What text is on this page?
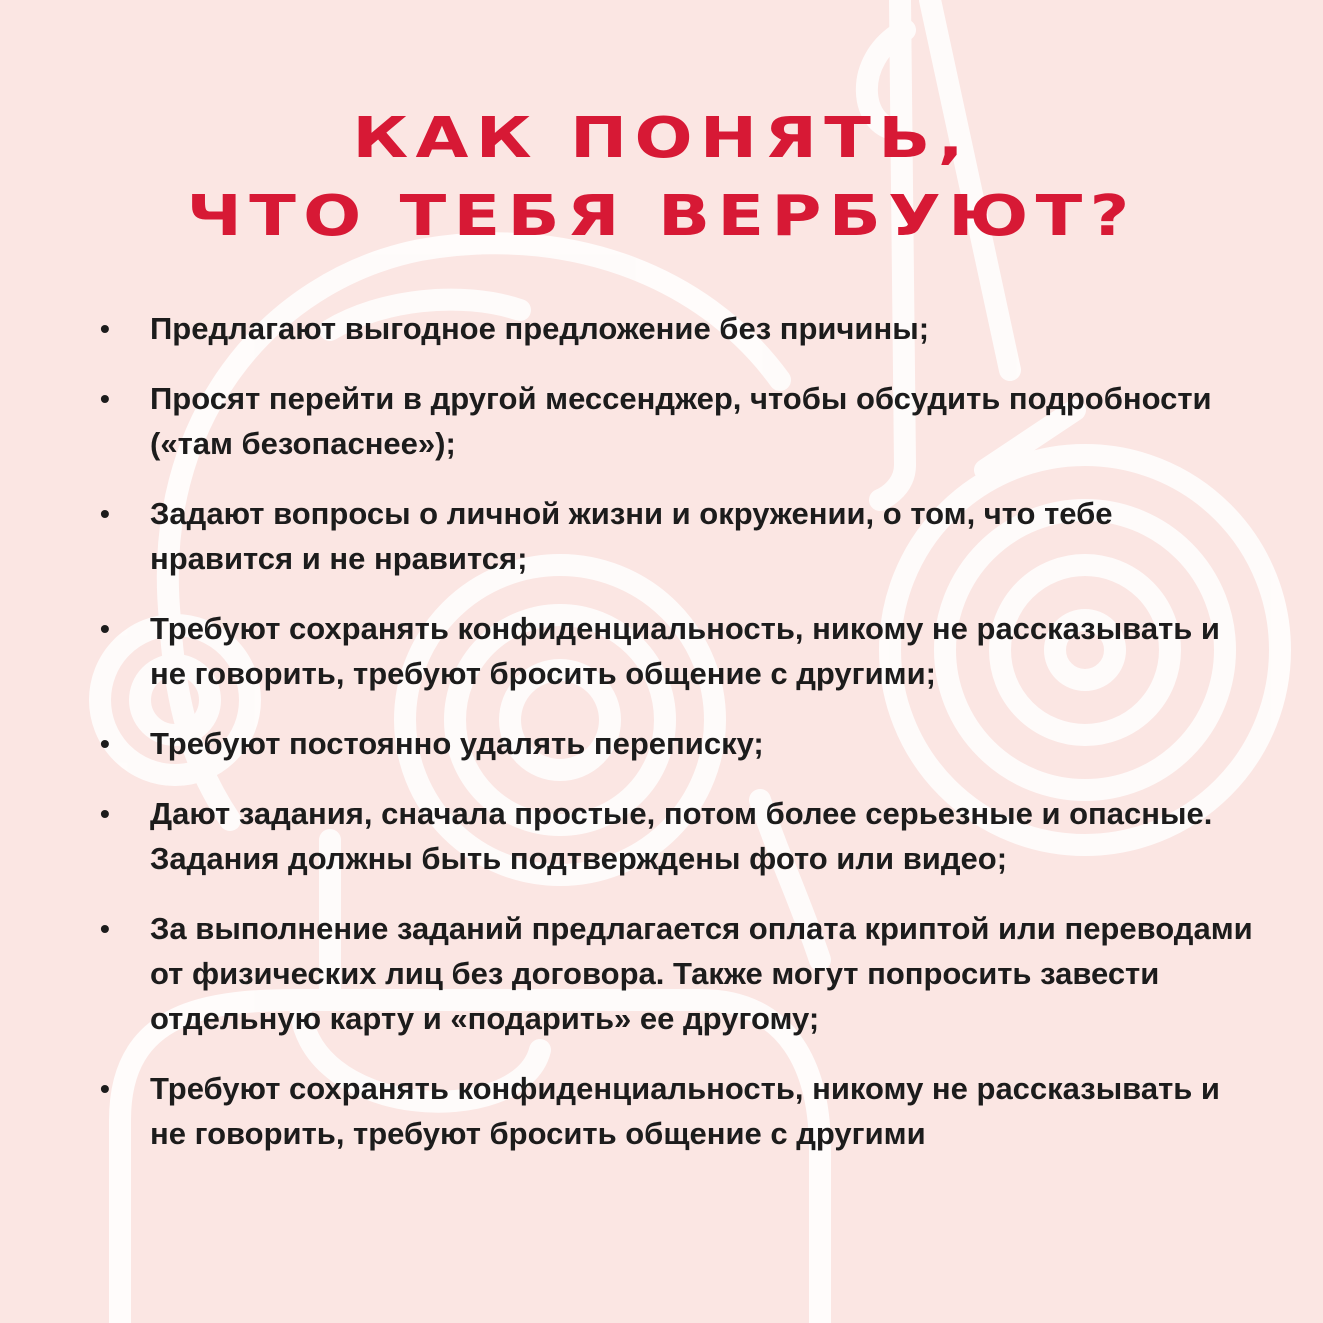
КАК ПОНЯТЬ,
ЧТО ТЕБЯ ВЕРБУЮТ?
• Предлагают выгодное предложение без причины;
• Просят перейти в другой мессенджер, чтобы обсудить подробности («там безопаснее»);
• Задают вопросы о личной жизни и окружении, о том, что тебе нравится и не нравится;
• Требуют сохранять конфиденциальность, никому не рассказывать и не говорить, требуют бросить общение с другими;
• Требуют постоянно удалять переписку;
• Дают задания, сначала простые, потом более серьезные и опасные. Задания должны быть подтверждены фото или видео;
• За выполнение заданий предлагается оплата криптой или переводами от физических лиц без договора. Также могут попросить завести отдельную карту и «подарить» ее другому;
• Требуют сохранять конфиденциальность, никому не рассказывать и не говорить, требуют бросить общение с другими
